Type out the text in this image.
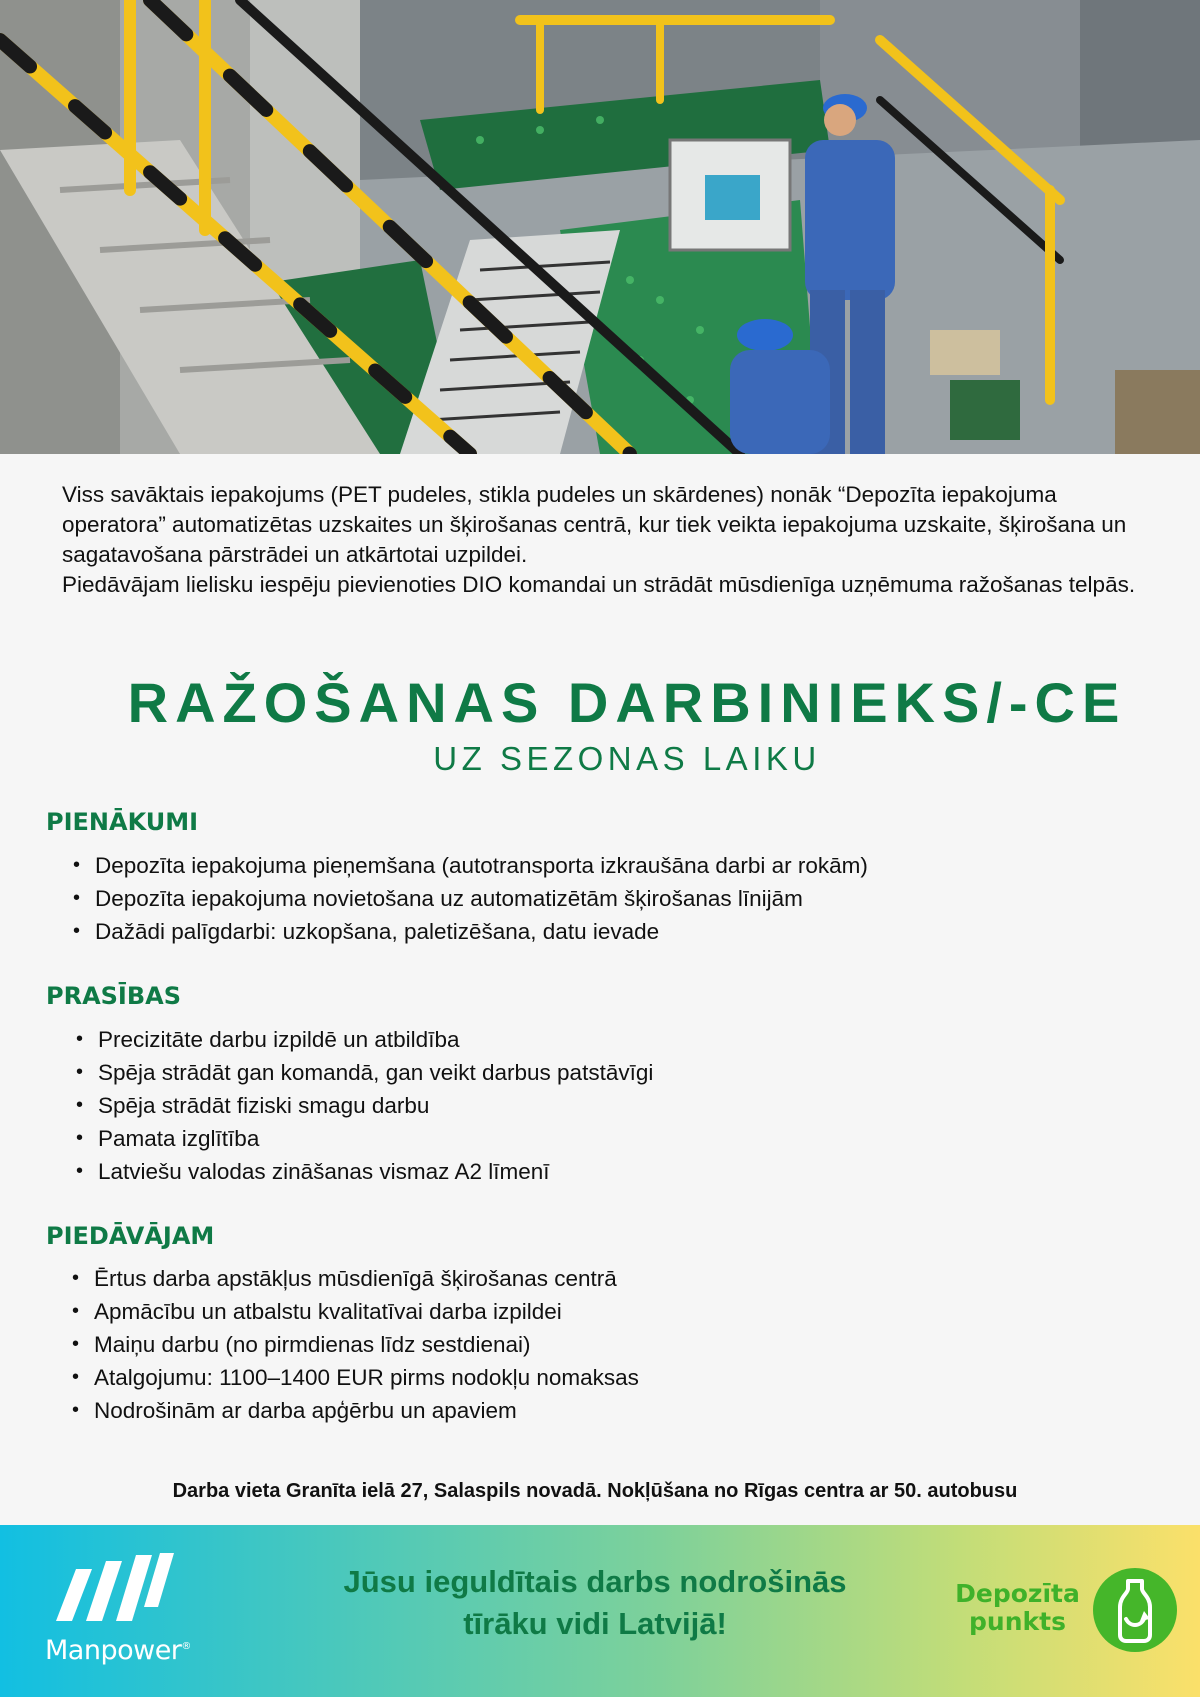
Viss savāktais iepakojums (PET pudeles, stikla pudeles un skārdenes) nonāk “Depozīta iepakojuma operatora” automatizētas uzskaites un šķirošanas centrā, kur tiek veikta iepakojuma uzskaite, šķirošana un sagatavošana pārstrādei un atkārtotai uzpildei.

Piedāvājam lielisku iespēju pievienoties DIO komandai un strādāt mūsdienīga uzņēmuma ražošanas telpās.

RAŽOŠANAS DARBINIEKS/-CE
UZ SEZONAS LAIKU
PIENĀKUMI
• Depozīta iepakojuma pieņemšana (autotransporta izkraušāna darbi ar rokām)
• Depozīta iepakojuma novietošana uz automatizētām šķirošanas līnijām
• Dažādi palīgdarbi: uzkopšana, paletizēšana, datu ievade
PRASĪBAS
• Precizitāte darbu izpildē un atbildība
• Spēja strādāt gan komandā, gan veikt darbus patstāvīgi
• Spēja strādāt fiziski smagu darbu
• Pamata izglītība
• Latviešu valodas zināšanas vismaz A2 līmenī
PIEDĀVĀJAM
• Ērtus darba apstākļus mūsdienīgā šķirošanas centrā
• Apmācību un atbalstu kvalitatīvai darba izpildei
• Maiņu darbu (no pirmdienas līdz sestdienai)
• Atalgojumu: 1100–1400 EUR pirms nodokļu nomaksas
• Nodrošinām ar darba apģērbu un apaviem
Darba vieta Granīta ielā 27, Salaspils novadā. Nokļūšana no Rīgas centra ar 50. autobusu
Manpower®
Jūsu ieguldītais darbs nodrošinās
tīrāku vidi Latvijā!
Depozīta
punkts
